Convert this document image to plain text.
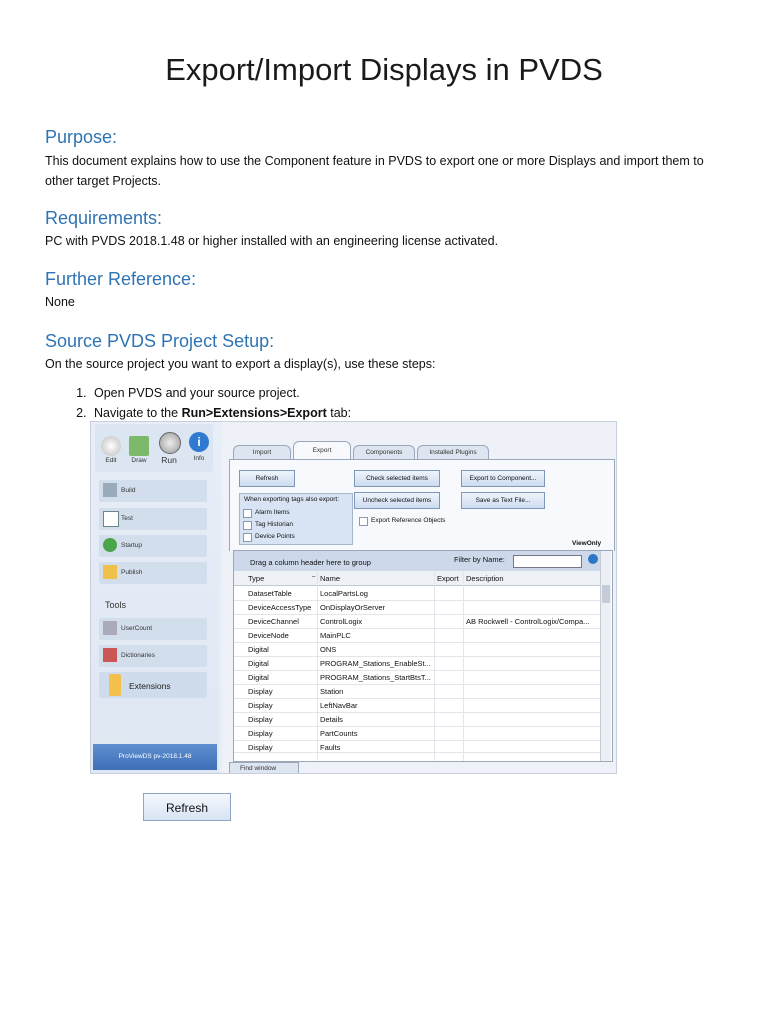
Export/Import Displays in PVDS
Purpose:

This document explains how to use the Component feature in PVDS to export one or more Displays and import them to other target Projects.

Requirements:

PC with PVDS 2018.1.48 or higher installed with an engineering license activated.

Further Reference:

None

Source PVDS Project Setup:

On the source project you want to export a display(s), use these steps:

1. Open PVDS and your source project.
2. Navigate to the Run>Extensions>Export tab:
Edit	Draw	Run
i
Info
Build
Test
Startup
Publish
Tools
UserCount
Dictionaries
Extensions
ProViewDS pv-2018.1.48
Import	Export	Components	Installed Plugins
Refresh	Check selected items
Uncheck selected items
Export to Component...
Save as Text File...
When exporting tags also export:
Alarm Items
Tag Historian
Device Points
Export Reference Objects
ViewOnly
Drag a column header here to group	Filter by Name:
Type	– Name	Export Description
DatasetTable	LocalPartsLog
DeviceAccessType OnDisplayOrServer
DeviceChannel	ControlLogix	AB Rockwell - ControlLogix/Compa...
DeviceNode	MainPLC
Digital	ONS
Digital	PROGRAM_Stations_EnableSt...
Digital	PROGRAM_Stations_StartBtsT...
Display	Station
Display	LeftNavBar
Display	Details
Display	PartCounts
Display	Faults
Find window
Refresh
